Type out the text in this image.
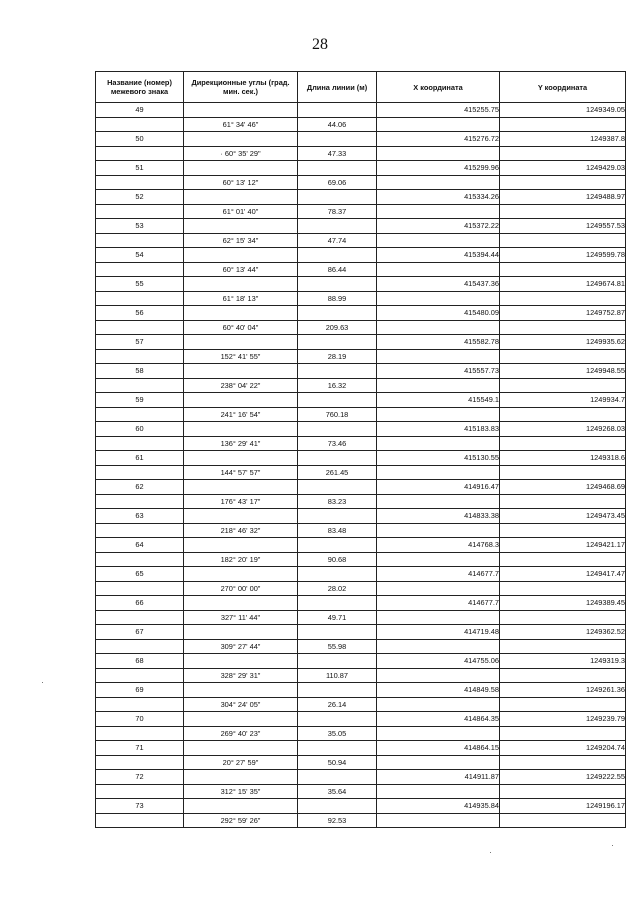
28
Название (номер) межевого знака	Дирекционные углы (град. мин. сек.)	Длина линии (м)	X координата	Y координата
49			415255.75	1249349.05
	61° 34' 46"	44.06		
50			415276.72	1249387.8
	· 60° 35' 29"	47.33		
51			415299.96	1249429.03
	60° 13' 12"	69.06		
52			415334.26	1249488.97
	61° 01' 40"	78.37		
53			415372.22	1249557.53
	62° 15' 34"	47.74		
54			415394.44	1249599.78
	60° 13' 44"	86.44		
55			415437.36	1249674.81
	61° 18' 13"	88.99		
56			415480.09	1249752.87
	60° 40' 04"	209.63		
57			415582.78	1249935.62
	152° 41' 55"	28.19		
58			415557.73	1249948.55
	238° 04' 22"	16.32		
59			415549.1	1249934.7
	241° 16' 54"	760.18		
60			415183.83	1249268.03
	136° 29' 41"	73.46		
61			415130.55	1249318.6
	144° 57' 57"	261.45		
62			414916.47	1249468.69
	176° 43' 17"	83.23		
63			414833.38	1249473.45
	218° 46' 32"	83.48		
64			414768.3	1249421.17
	182° 20' 19"	90.68		
65			414677.7	1249417.47
	270° 00' 00"	28.02		
66			414677.7	1249389.45
	327° 11' 44"	49.71		
67			414719.48	1249362.52
	309° 27' 44"	55.98		
68			414755.06	1249319.3
	328° 29' 31"	110.87		
69			414849.58	1249261.36
	304° 24' 05"	26.14		
70			414864.35	1249239.79
	269° 40' 23"	35.05		
71			414864.15	1249204.74
	20° 27' 59"	50.94		
72			414911.87	1249222.55
	312° 15' 35"	35.64		
73			414935.84	1249196.17
	292° 59' 26"	92.53		
